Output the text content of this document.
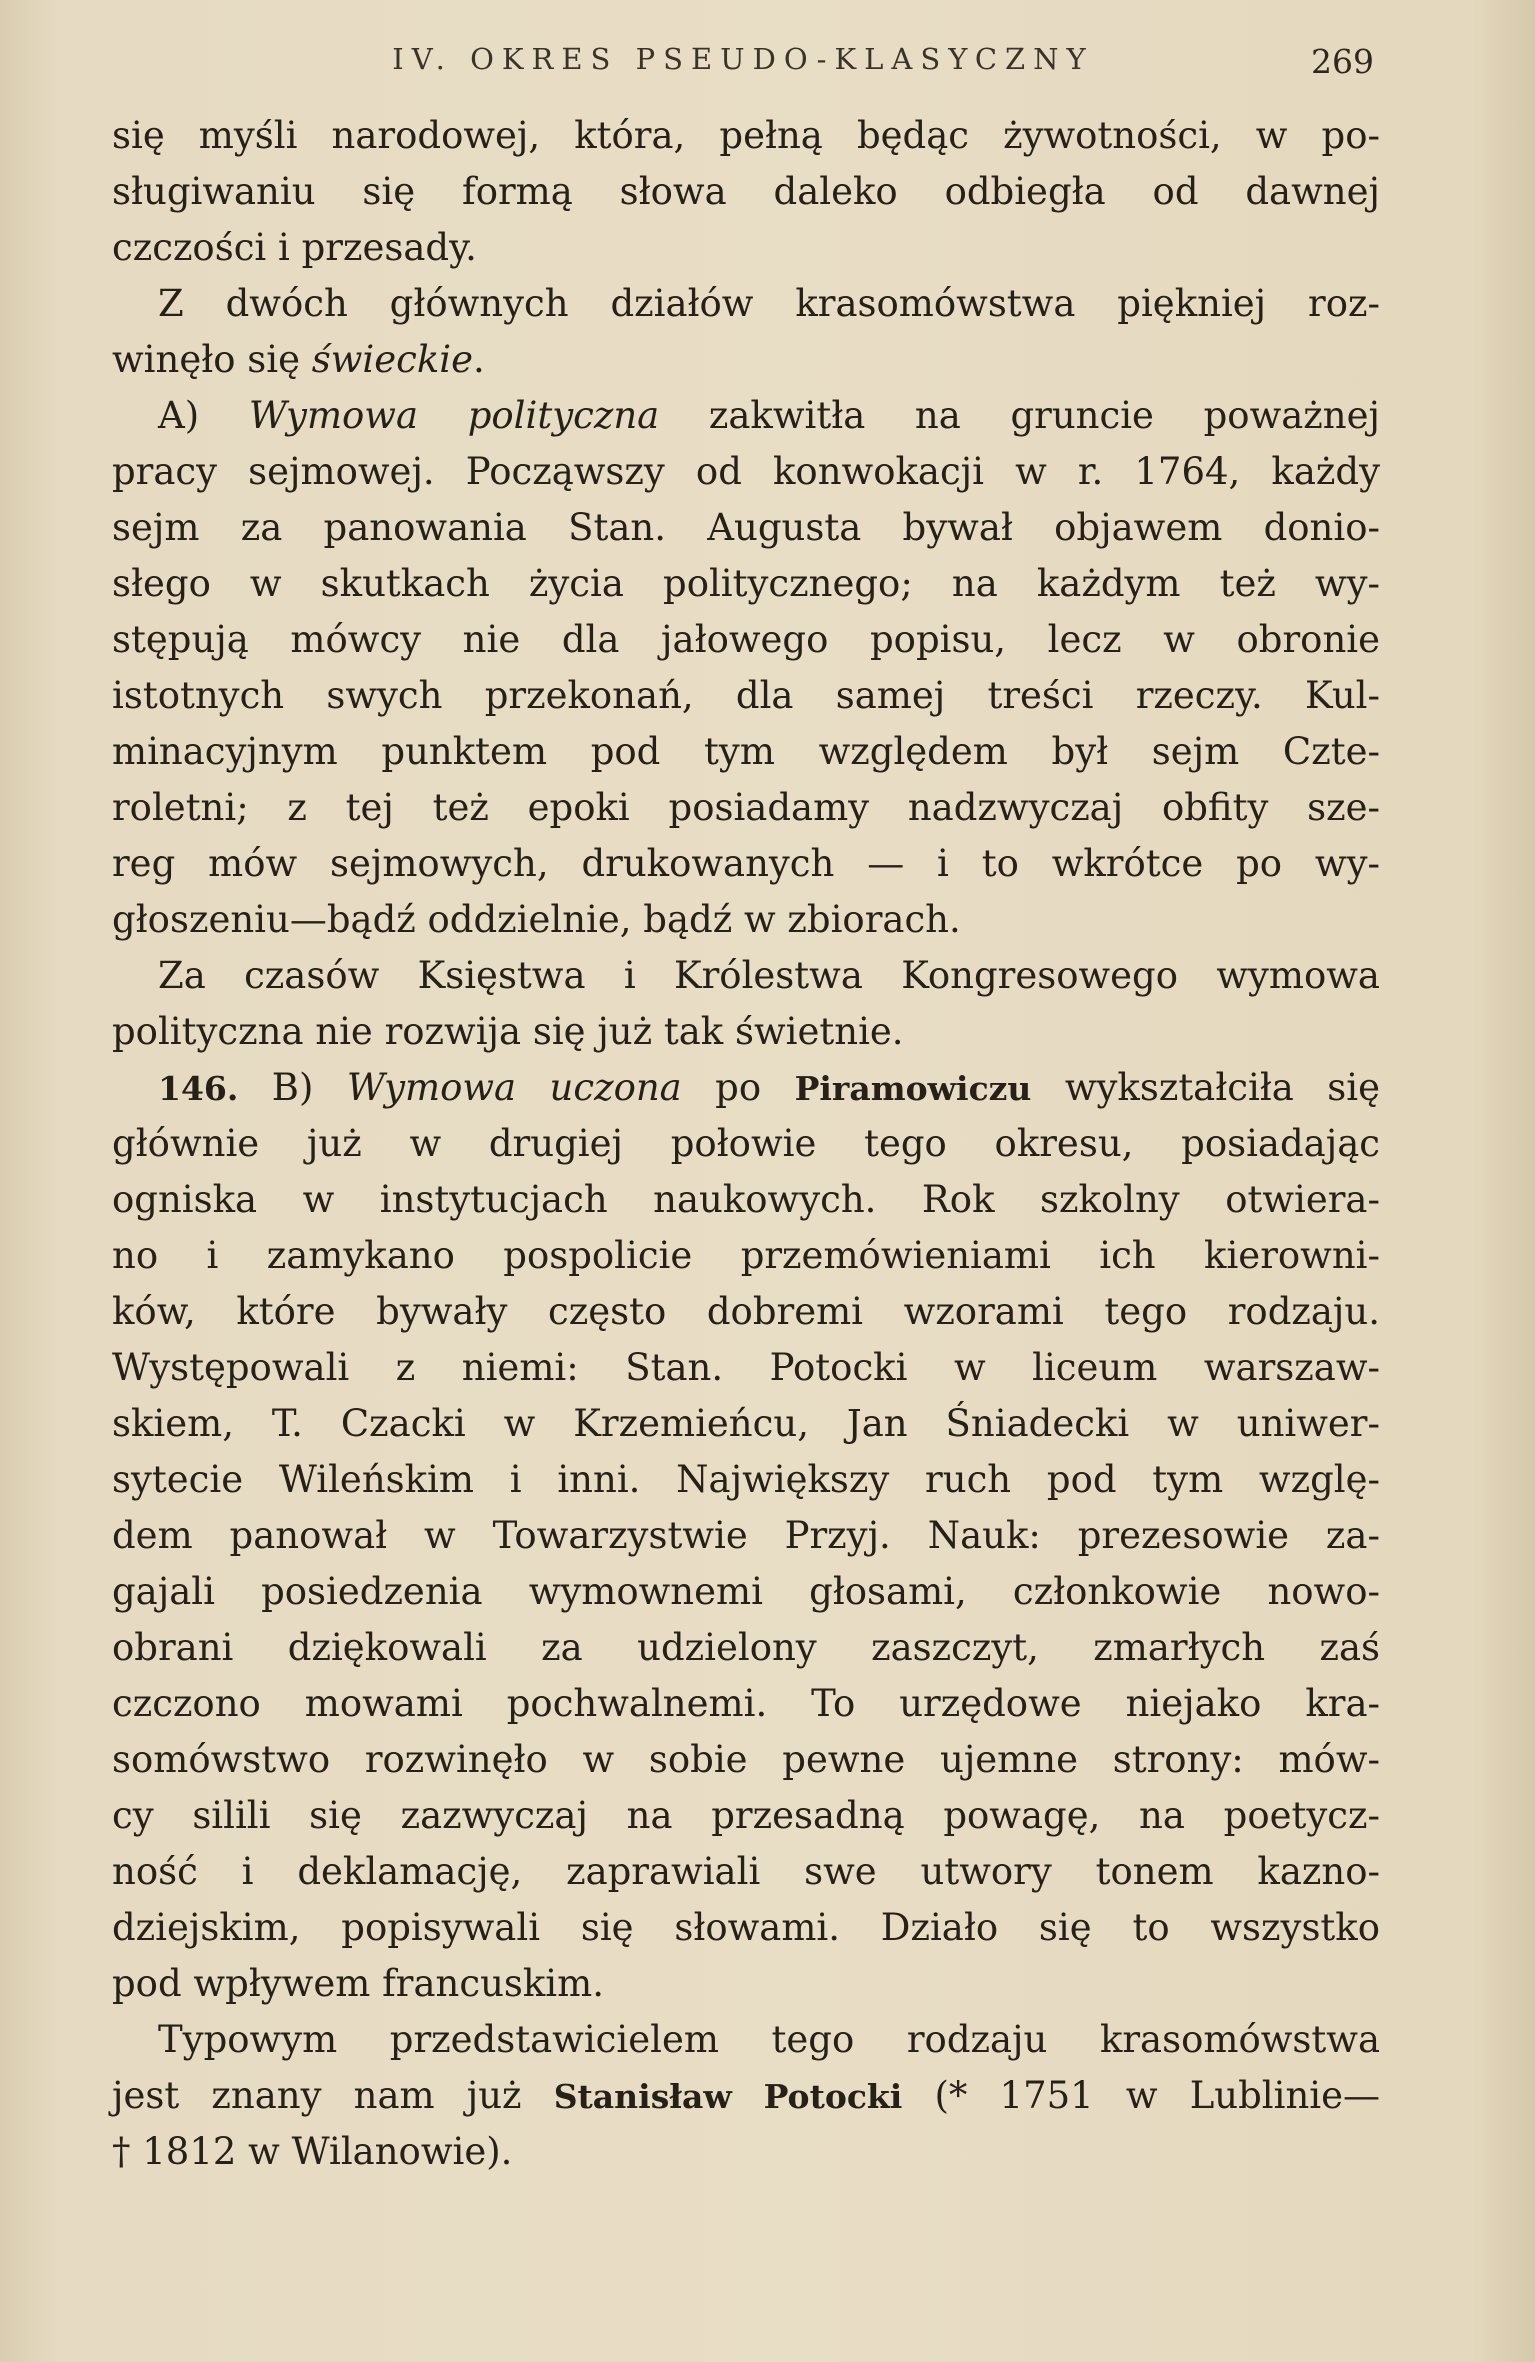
IV. OKRES PSEUDO-KLASYCZNY	269
się myśli narodowej, która, pełną będąc żywotności, w po-
sługiwaniu się formą słowa daleko odbiegła od dawnej
czczości i przesady.
Z dwóch głównych działów krasomówstwa piękniej roz-
winęło się świeckie.
A) Wymowa polityczna zakwitła na gruncie poważnej
pracy sejmowej. Począwszy od konwokacji w r. 1764, każdy
sejm za panowania Stan. Augusta bywał objawem donio-
słego w skutkach życia politycznego; na każdym też wy-
stępują mówcy nie dla jałowego popisu, lecz w obronie
istotnych swych przekonań, dla samej treści rzeczy. Kul-
minacyjnym punktem pod tym względem był sejm Czte-
roletni; z tej też epoki posiadamy nadzwyczaj obfity sze-
reg mów sejmowych, drukowanych — i to wkrótce po wy-
głoszeniu—bądź oddzielnie, bądź w zbiorach.
Za czasów Księstwa i Królestwa Kongresowego wymowa
polityczna nie rozwija się już tak świetnie.
146. B) Wymowa uczona po Piramowiczu wykształciła się
głównie już w drugiej połowie tego okresu, posiadając
ogniska w instytucjach naukowych. Rok szkolny otwiera-
no i zamykano pospolicie przemówieniami ich kierowni-
ków, które bywały często dobremi wzorami tego rodzaju.
Występowali z niemi: Stan. Potocki w liceum warszaw-
skiem, T. Czacki w Krzemieńcu, Jan Śniadecki w uniwer-
sytecie Wileńskim i inni. Największy ruch pod tym wzglę-
dem panował w Towarzystwie Przyj. Nauk: prezesowie za-
gajali posiedzenia wymownemi głosami, członkowie nowo-
obrani dziękowali za udzielony zaszczyt, zmarłych zaś
czczono mowami pochwalnemi. To urzędowe niejako kra-
somówstwo rozwinęło w sobie pewne ujemne strony: mów-
cy silili się zazwyczaj na przesadną powagę, na poetycz-
ność i deklamację, zaprawiali swe utwory tonem kazno-
dziejskim, popisywali się słowami. Działo się to wszystko
pod wpływem francuskim.
Typowym przedstawicielem tego rodzaju krasomówstwa
jest znany nam już Stanisław Potocki (* 1751 w Lublinie—
† 1812 w Wilanowie).
